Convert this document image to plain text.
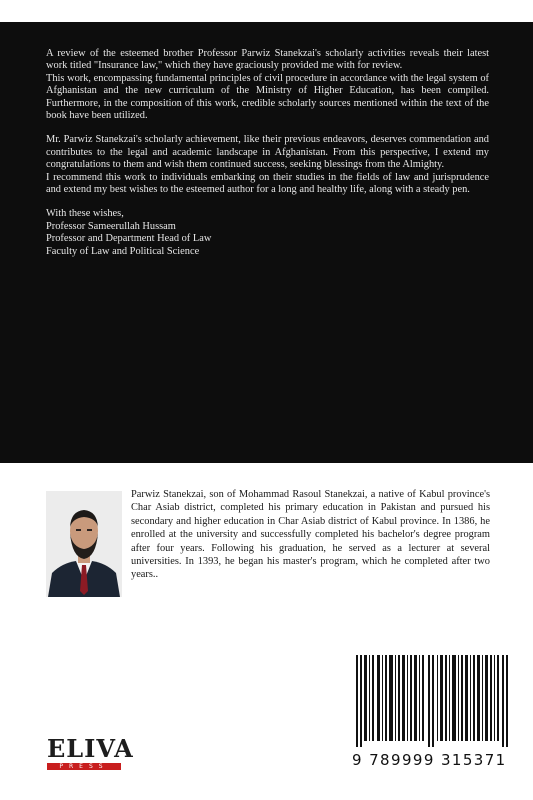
A review of the esteemed brother Professor Parwiz Stanekzai's scholarly activities reveals their latest work titled "Insurance law," which they have graciously provided me with for review.

This work, encompassing fundamental principles of civil procedure in accordance with the legal system of Afghanistan and the new curriculum of the Ministry of Higher Education, has been compiled. Furthermore, in the composition of this work, credible scholarly sources mentioned within the text of the book have been utilized.

Mr. Parwiz Stanekzai's scholarly achievement, like their previous endeavors, deserves commendation and contributes to the legal and academic landscape in Afghanistan. From this perspective, I extend my congratulations to them and wish them continued success, seeking blessings from the Almighty.

I recommend this work to individuals embarking on their studies in the fields of law and jurisprudence and extend my best wishes to the esteemed author for a long and healthy life, along with a steady pen.

With these wishes,

Professor Sameerullah Hussam

Professor and Department Head of Law

Faculty of Law and Political Science

Parwiz Stanekzai, son of Mohammad Rasoul Stanekzai, a native of Kabul province's Char Asiab district, completed his primary education in Pakistan and pursued his secondary and higher education in Char Asiab district of Kabul province. In 1386, he enrolled at the university and successfully completed his bachelor's degree program after four years. Following his graduation, he served as a lecturer at several universities. In 1393, he began his master's program, which he completed after two years..
9 789999 315371
ELIVA
PRESS
